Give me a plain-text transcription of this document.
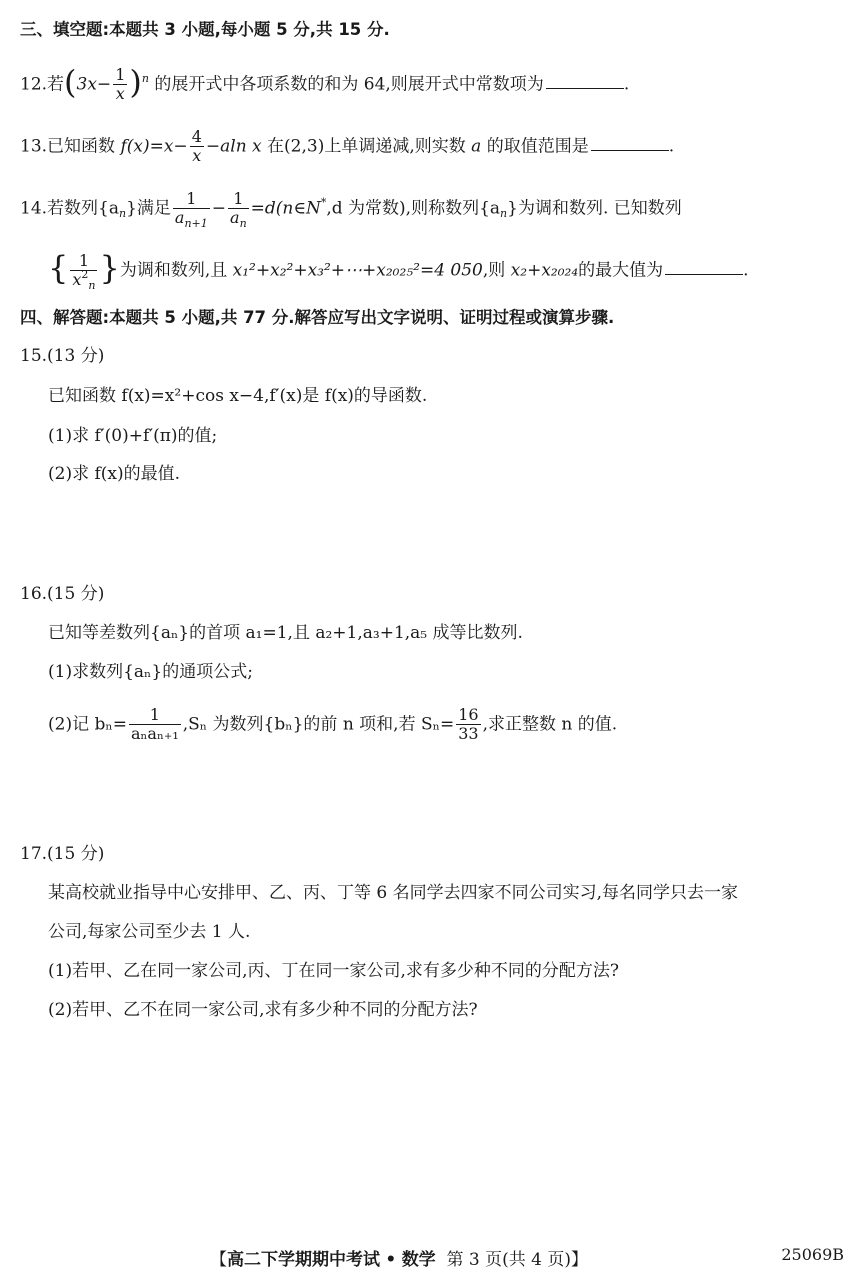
三、填空题:本题共 3 小题,每小题 5 分,共 15 分.
12.若$(3x- \frac{1}{x} )^n$ 的展开式中各项系数的和为 64,则展开式中常数项为	.
13.已知函数 $f(x)=x- \frac{4}{x} -aln$ x 在(2,3)上单调递减,则实数 a 的取值范围是	.
14.若数列$\{a_n\}$满足 $\frac{1}{a_{n+1}} - \frac{1}{a_n}$ =d(n∈N*,d 为常数),则称数列$\{a_n\}$为调和数列. 已知数列
{ $\frac{1}{x^2_n}$ }为调和数列,且 x₁²+x₂²+x₃²+⋯+x₂₀₂₅²=4 050,则 x₂+x₂₀₂₄的最大值为	.
四、解答题:本题共 5 小题,共 77 分.解答应写出文字说明、证明过程或演算步骤.
15.(13 分)
已知函数 f(x)=x²+cos x−4,f′(x)是 f(x)的导函数.
(1)求 f′(0)+f′(π)的值;
(2)求 f(x)的最值.
16.(15 分)
已知等差数列{aₙ}的首项 a₁=1,且 a₂+1,a₃+1,a₅ 成等比数列.
(1)求数列{aₙ}的通项公式;
(2)记 $b_n= \frac{1}{\text{aₙaₙ₊₁}} ,S_n$ 为数列{bₙ}的前 n 项和,若 $S_n= \frac{16}{33}$ ,求正整数 n 的值.
17.(15 分)
某高校就业指导中心安排甲、乙、丙、丁等 6 名同学去四家不同公司实习,每名同学只去一家
公司,每家公司至少去 1 人.
(1)若甲、乙在同一家公司,丙、丁在同一家公司,求有多少种不同的分配方法?
(2)若甲、乙不在同一家公司,求有多少种不同的分配方法?
【高二下学期期中考试 • 数学 第 3 页(共 4 页)】	25069B
